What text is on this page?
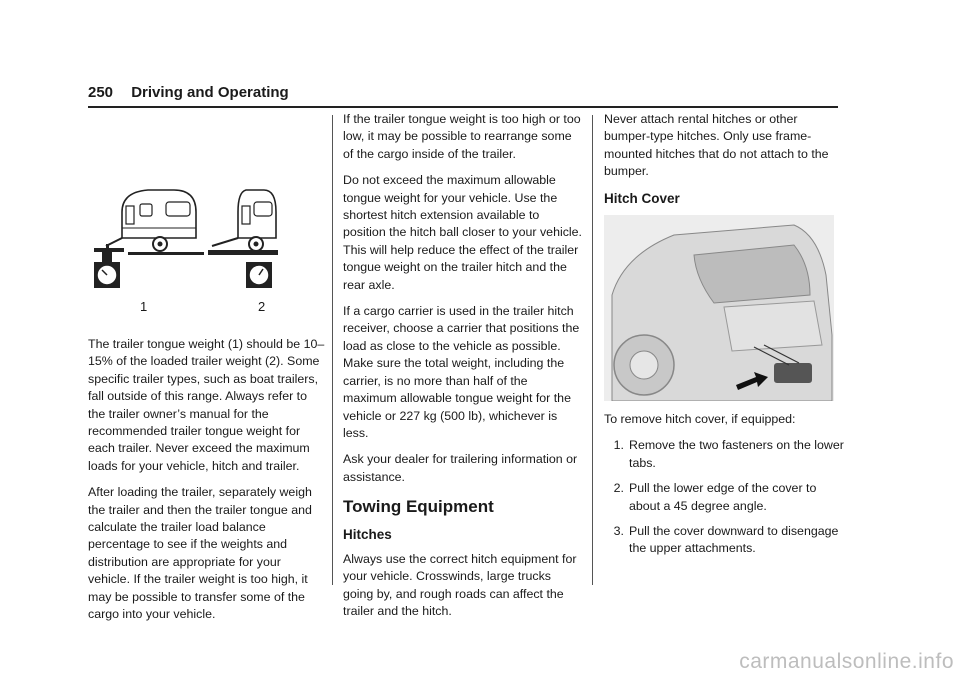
250 Driving and Operating
1	2

The trailer tongue weight (1) should be 10–15% of the loaded trailer weight (2). Some specific trailer types, such as boat trailers, fall outside of this range. Always refer to the trailer owner’s manual for the recommended trailer tongue weight for each trailer. Never exceed the maximum loads for your vehicle, hitch and trailer.

After loading the trailer, separately weigh the trailer and then the trailer tongue and calculate the trailer load balance percentage to see if the weights and distribution are appropriate for your vehicle. If the trailer weight is too high, it may be possible to transfer some of the cargo into your vehicle.

If the trailer tongue weight is too high or too low, it may be possible to rearrange some of the cargo inside of the trailer.

Do not exceed the maximum allowable tongue weight for your vehicle. Use the shortest hitch extension available to position the hitch ball closer to your vehicle. This will help reduce the effect of the trailer tongue weight on the trailer hitch and the rear axle.

If a cargo carrier is used in the trailer hitch receiver, choose a carrier that positions the load as close to the vehicle as possible. Make sure the total weight, including the carrier, is no more than half of the maximum allowable tongue weight for the vehicle or 227 kg (500 lb), whichever is less.

Ask your dealer for trailering information or assistance.

Towing Equipment
Hitches

Always use the correct hitch equipment for your vehicle. Crosswinds, large trucks going by, and rough roads can affect the trailer and the hitch.

Never attach rental hitches or other bumper-type hitches. Only use frame-mounted hitches that do not attach to the bumper.

Hitch Cover

To remove hitch cover, if equipped:

1. Remove the two fasteners on the lower tabs.
2. Pull the lower edge of the cover to about a 45 degree angle.
3. Pull the cover downward to disengage the upper attachments.
carmanualsonline.info
